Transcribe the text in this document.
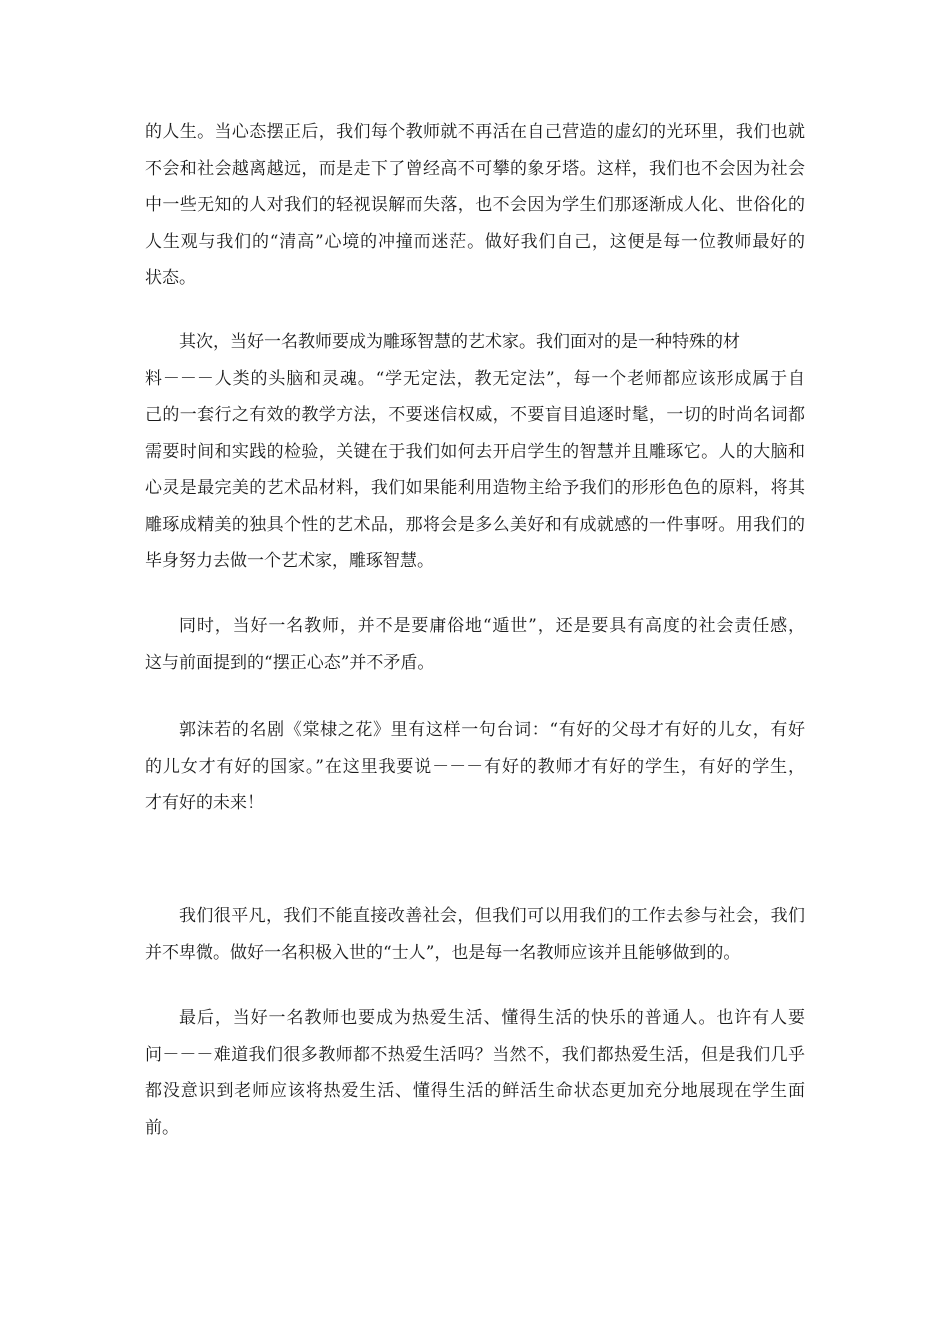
的人生。当心态摆正后，我们每个教师就不再活在自己营造的虚幻的光环里，我们也就
不会和社会越离越远，而是走下了曾经高不可攀的象牙塔。这样，我们也不会因为社会
中一些无知的人对我们的轻视误解而失落，也不会因为学生们那逐渐成人化、世俗化的
人生观与我们的“清高”心境的冲撞而迷茫。做好我们自己，这便是每一位教师最好的
状态。
其次，当好一名教师要成为雕琢智慧的艺术家。我们面对的是一种特殊的材
料－－－人类的头脑和灵魂。“学无定法，教无定法”，每一个老师都应该形成属于自
己的一套行之有效的教学方法，不要迷信权威，不要盲目追逐时髦，一切的时尚名词都
需要时间和实践的检验，关键在于我们如何去开启学生的智慧并且雕琢它。人的大脑和
心灵是最完美的艺术品材料，我们如果能利用造物主给予我们的形形色色的原料，将其
雕琢成精美的独具个性的艺术品，那将会是多么美好和有成就感的一件事呀。用我们的
毕身努力去做一个艺术家，雕琢智慧。
同时，当好一名教师，并不是要庸俗地“遁世”，还是要具有高度的社会责任感，
这与前面提到的“摆正心态”并不矛盾。
郭沫若的名剧《棠棣之花》里有这样一句台词：“有好的父母才有好的儿女，有好
的儿女才有好的国家。”在这里我要说－－－有好的教师才有好的学生，有好的学生，
才有好的未来！
我们很平凡，我们不能直接改善社会，但我们可以用我们的工作去参与社会，我们
并不卑微。做好一名积极入世的“士人”，也是每一名教师应该并且能够做到的。
最后，当好一名教师也要成为热爱生活、懂得生活的快乐的普通人。也许有人要
问－－－难道我们很多教师都不热爱生活吗？当然不，我们都热爱生活，但是我们几乎
都没意识到老师应该将热爱生活、懂得生活的鲜活生命状态更加充分地展现在学生面
前。
